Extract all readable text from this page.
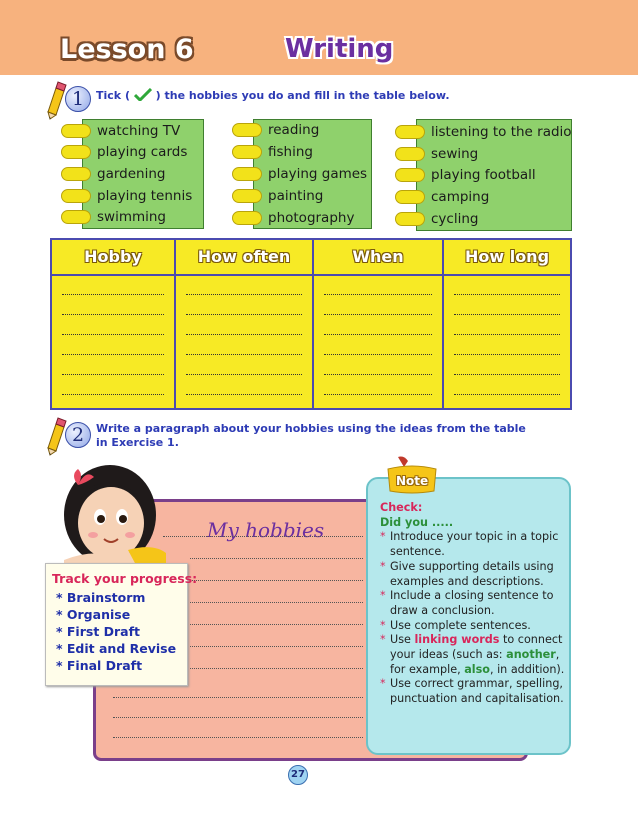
Lesson 6	Writing
1	Tick ( ) the hobbies you do and fill in the table below.
watching TV
playing cards
gardening
playing tennis
swimming
reading
fishing
playing games
painting
photography
listening to the radio
sewing
playing football
camping
cycling
Hobby	How often	When	How long
2	Write a paragraph about your hobbies using the ideas from the table in Exercise 1.
My hobbies
Track your progress:
* Brainstorm
* Organise
* First Draft
* Edit and Revise
* Final Draft
Check:
Did you .....
* Introduce your topic in a topic sentence.
* Give supporting details using examples and descriptions.
* Include a closing sentence to draw a conclusion.
* Use complete sentences.
* Use linking words to connect your ideas (such as: another, for example, also, in addition).
* Use correct grammar, spelling, punctuation and capitalisation.
Note
27
